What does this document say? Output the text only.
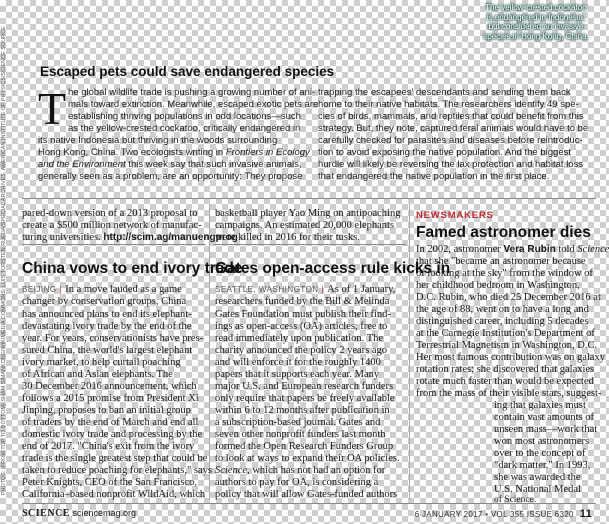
PHOTOS: (FROM TOP TO BOTTOM) SHAM SIMANKONG/WIKIMEDIA COMMONS; LUIS TORSTEN RUEDA/SPECIAL ARCHIVES, AMERICAN INSTITUTE OF PHYSICS/SCIENCE SOURCE
The yellow-crested cockatoo
is endangered in Indonesia,
but considered an invasive
species in Hong Kong, China.
Escaped pets could save endangered species
T he global wildlife trade is pushing a growing number of ani-
mals toward extinction. Meanwhile, escaped exotic pets are
establishing thriving populations in odd locations—such
as the yellow-crested cockatoo, critically endangered in
its native Indonesia but thriving in the woods surrounding
Hong Kong, China. Two ecologists writing in Frontiers in Ecology
and the Environment this week say that such invasive animals,
generally seen as a problem, are an opportunity: They propose
trapping the escapees' descendants and sending them back
home to their native habitats. The researchers identify 49 spe-
cies of birds, mammals, and reptiles that could benefit from this
strategy. But, they note, captured feral animals would have to be
carefully checked for parasites and diseases before reintroduc-
tion to avoid exposing the native population. And the biggest
hurdle will likely be reversing the lax protection and habitat loss
that endangered the native population in the first place.
pared-down version of a 2013 proposal to
create a $500 million network of manufac-
turing universities. http://scim.ag/manuengprog
China vows to end ivory trade
BEIJING | In a move lauded as a game
changer by conservation groups, China
has announced plans to end its elephant-
devastating ivory trade by the end of the
year. For years, conservationists have pres-
sured China, the world's largest elephant
ivory market, to help curtail poaching
of African and Asian elephants. The
30 December 2016 announcement, which
follows a 2015 promise from President Xi
Jinping, proposes to ban an initial group
of traders by the end of March and end all
domestic ivory trade and processing by the
end of 2017. "China's exit from the ivory
trade is the single greatest step that could be
taken to reduce poaching for elephants," says
Peter Knights, CEO of the San Francisco,
California–based nonprofit WildAid, which
basketball player Yao Ming on antipoaching
campaigns. An estimated 20,000 elephants
were killed in 2016 for their tusks.
Gates open-access rule kicks in
SEATTLE, WASHINGTON | As of 1 January,
researchers funded by the Bill & Melinda
Gates Foundation must publish their find-
ings as open-access (OA) articles, free to
read immediately upon publication. The
charity announced the policy 2 years ago
and will enforce it for the roughly 1400
papers that it supports each year. Many
major U.S. and European research funders
only require that papers be freely available
within 6 to 12 months after publication in
a subscription-based journal. Gates and
seven other nonprofit funders last month
formed the Open Research Funders Group
to look at ways to expand their OA policies.
Science, which has not had an option for
authors to pay for OA, is considering a
policy that will allow Gates-funded authors
NEWSMAKERS
Famed astronomer dies
In 2002, astronomer Vera Rubin told Science
that she "became an astronomer because
of looking at the sky" from the window of
her childhood bedroom in Washington,
D.C. Rubin, who died 25 December 2016 at
the age of 88, went on to have a long and
distinguished career, including 5 decades
at the Carnegie Institution's Department of
Terrestrial Magnetism in Washington, D.C.
Her most famous contribution was on galaxy
rotation rates; she discovered that galaxies
rotate much faster than would be expected
from the mass of their visible stars, suggest-
ing that galaxies must
contain vast amounts of
unseen mass—work that
won most astronomers
over to the concept of
"dark matter." In 1993,
she was awarded the
U.S. National Medal
of Science.
SCIENCE sciencemag.org	6 JANUARY 2017 • VOL 355 ISSUE 6320 11
